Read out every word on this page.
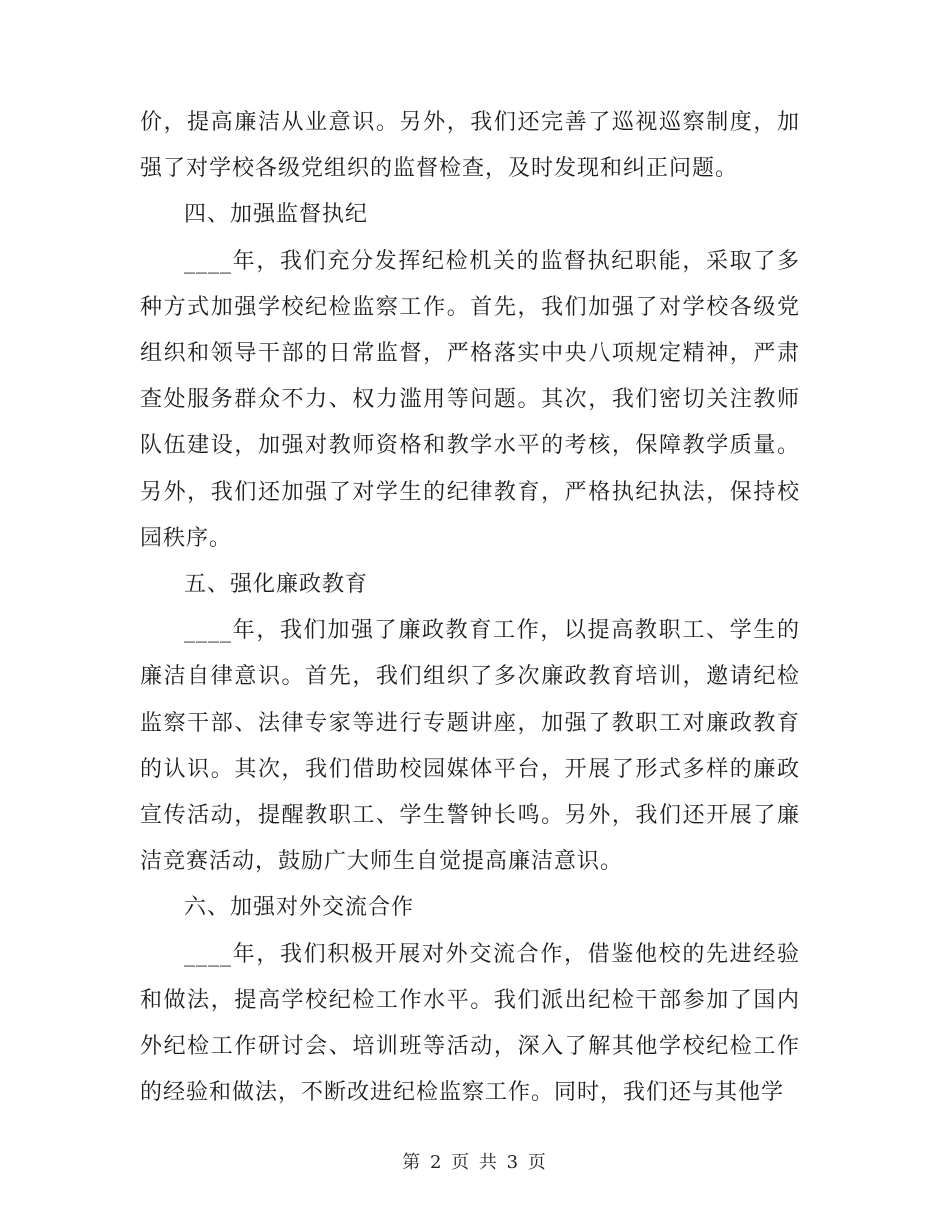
价，提高廉洁从业意识。另外，我们还完善了巡视巡察制度，加强了对学校各级党组织的监督检查，及时发现和纠正问题。

四、加强监督执纪

____年，我们充分发挥纪检机关的监督执纪职能，采取了多种方式加强学校纪检监察工作。首先，我们加强了对学校各级党组织和领导干部的日常监督，严格落实中央八项规定精神，严肃查处服务群众不力、权力滥用等问题。其次，我们密切关注教师队伍建设，加强对教师资格和教学水平的考核，保障教学质量。另外，我们还加强了对学生的纪律教育，严格执纪执法，保持校园秩序。

五、强化廉政教育

____年，我们加强了廉政教育工作，以提高教职工、学生的廉洁自律意识。首先，我们组织了多次廉政教育培训，邀请纪检监察干部、法律专家等进行专题讲座，加强了教职工对廉政教育的认识。其次，我们借助校园媒体平台，开展了形式多样的廉政宣传活动，提醒教职工、学生警钟长鸣。另外，我们还开展了廉洁竞赛活动，鼓励广大师生自觉提高廉洁意识。

六、加强对外交流合作

____年，我们积极开展对外交流合作，借鉴他校的先进经验和做法，提高学校纪检工作水平。我们派出纪检干部参加了国内外纪检工作研讨会、培训班等活动，深入了解其他学校纪检工作的经验和做法，不断改进纪检监察工作。同时，我们还与其他学

第 2 页 共 3 页
